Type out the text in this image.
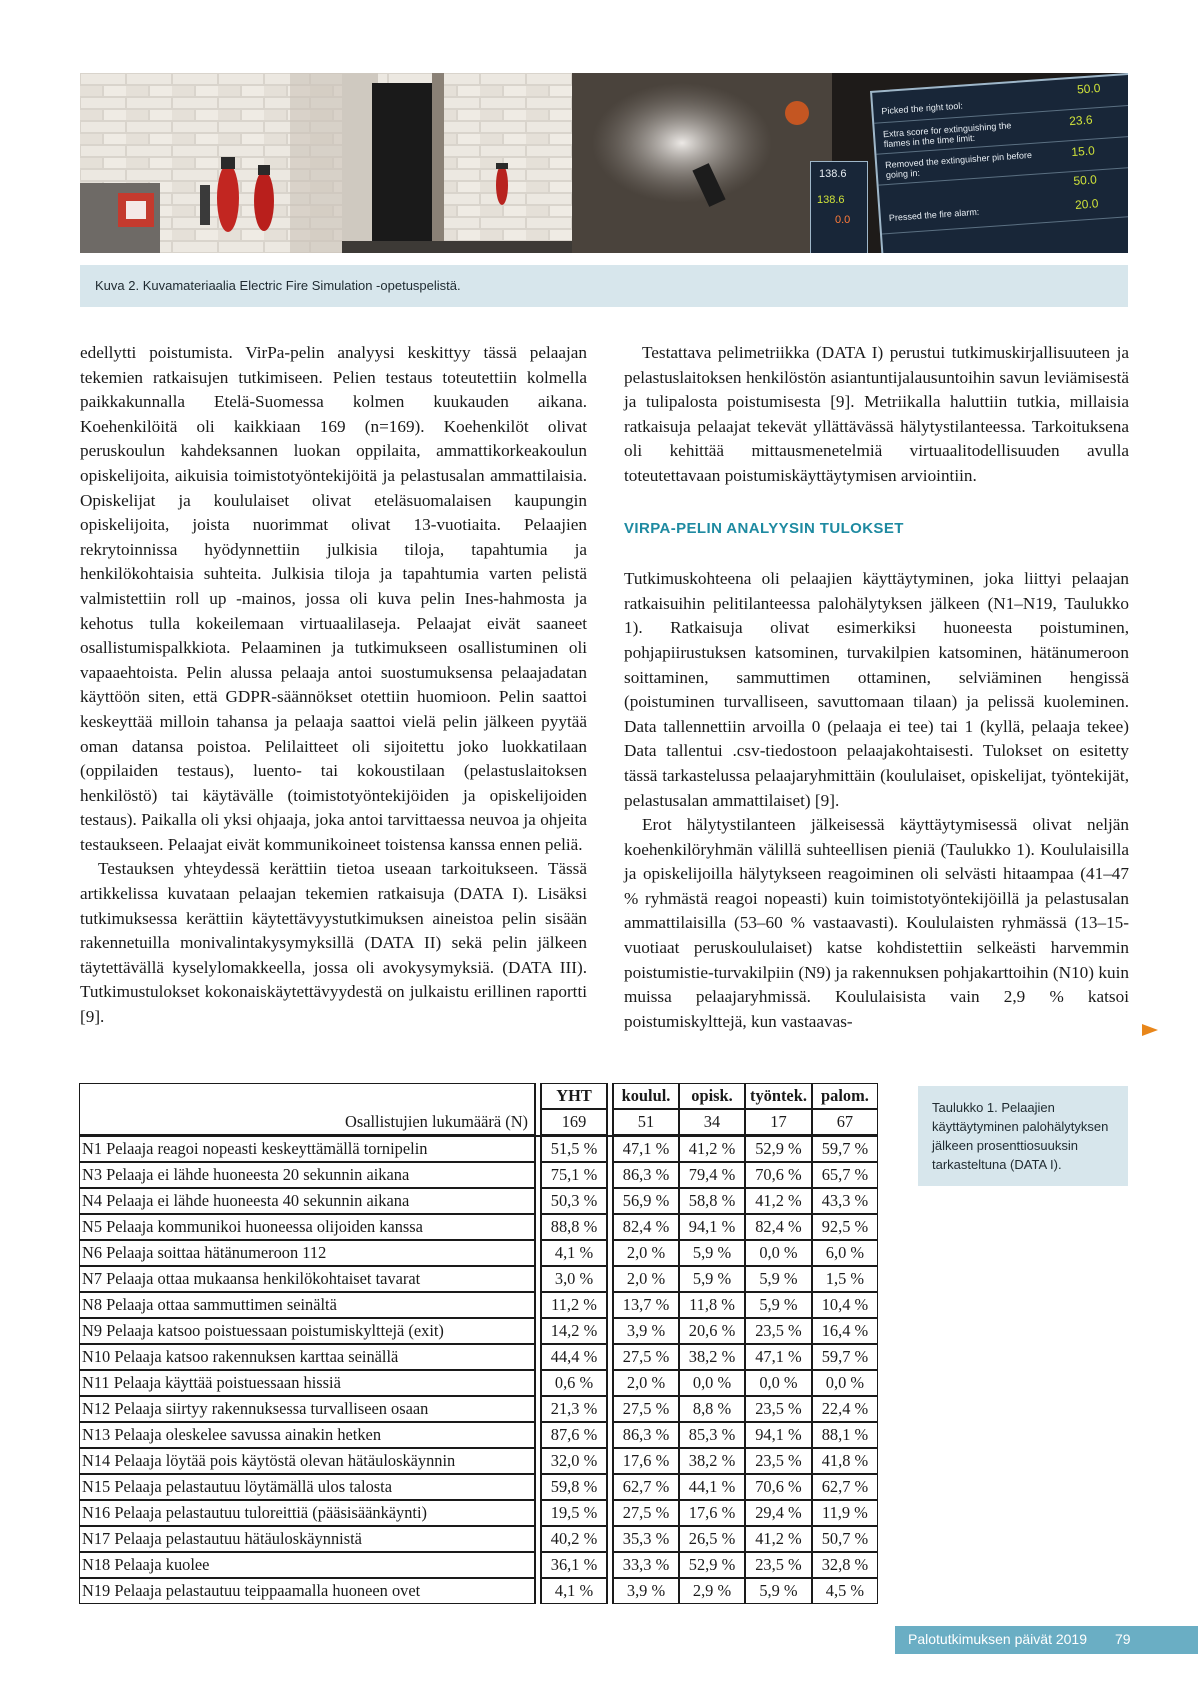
Picked the right tool:
50.0
Extra score for extinguishing the flames in the time limit:
23.6
Removed the extinguisher pin before going in:
15.0
50.0
Pressed the fire alarm:
20.0
138.6
138.6
0.0
Kuva 2. Kuvamateriaalia Electric Fire Simulation -opetuspelistä.

edellytti poistumista. VirPa-pelin analyysi keskittyy tässä pelaajan tekemien ratkaisujen tutkimiseen. Pelien testaus toteutettiin kolmella paikkakunnalla Etelä-Suomessa kolmen kuukauden aikana. Koehenkilöitä oli kaikkiaan 169 (n=169). Koehenkilöt olivat peruskoulun kahdeksannen luokan oppilaita, ammattikorkeakoulun opiskelijoita, aikuisia toimistotyöntekijöitä ja pelastusalan ammattilaisia. Opiskelijat ja koululaiset olivat eteläsuomalaisen kaupungin opiskelijoita, joista nuorimmat olivat 13-vuotiaita. Pelaajien rekrytoinnissa hyödynnettiin julkisia tiloja, tapahtumia ja henkilökohtaisia suhteita. Julkisia tiloja ja tapahtumia varten pelistä valmistettiin roll up -mainos, jossa oli kuva pelin Ines-hahmosta ja kehotus tulla kokeilemaan virtuaalilaseja. Pelaajat eivät saaneet osallistumispalkkiota. Pelaaminen ja tutkimukseen osallistuminen oli vapaaehtoista. Pelin alussa pelaaja antoi suostumuksensa pelaajadatan käyttöön siten, että GDPR-säännökset otettiin huomioon. Pelin saattoi keskeyttää milloin tahansa ja pelaaja saattoi vielä pelin jälkeen pyytää oman datansa poistoa. Pelilaitteet oli sijoitettu joko luokkatilaan (oppilaiden testaus), luento- tai kokoustilaan (pelastuslaitoksen henkilöstö) tai käytävälle (toimistotyöntekijöiden ja opiskelijoiden testaus). Paikalla oli yksi ohjaaja, joka antoi tarvittaessa neuvoa ja ohjeita testaukseen. Pelaajat eivät kommunikoineet toistensa kanssa ennen peliä.

Testauksen yhteydessä kerättiin tietoa useaan tarkoitukseen. Tässä artikkelissa kuvataan pelaajan tekemien ratkaisuja (DATA I). Lisäksi tutkimuksessa kerättiin käytettävyystutkimuksen aineistoa pelin sisään rakennetuilla monivalintakysymyksillä (DATA II) sekä pelin jälkeen täytettävällä kyselylomakkeella, jossa oli avokysymyksiä. (DATA III). Tutkimustulokset kokonaiskäytettävyydestä on julkaistu erillinen raportti [9].

Testattava pelimetriikka (DATA I) perustui tutkimuskirjallisuuteen ja pelastuslaitoksen henkilöstön asiantuntijalausuntoihin savun leviämisestä ja tulipalosta poistumisesta [9]. Metriikalla haluttiin tutkia, millaisia ratkaisuja pelaajat tekevät yllättävässä hälytystilanteessa. Tarkoituksena oli kehittää mittausmenetelmiä virtuaalitodellisuuden avulla toteutettavaan poistumiskäyttäytymisen arviointiin.

VIRPA-PELIN ANALYYSIN TULOKSET

Tutkimuskohteena oli pelaajien käyttäytyminen, joka liittyi pelaajan ratkaisuihin pelitilanteessa palohälytyksen jälkeen (N1–N19, Taulukko 1). Ratkaisuja olivat esimerkiksi huoneesta poistuminen, pohjapiirustuksen katsominen, turvakilpien katsominen, hätänumeroon soittaminen, sammuttimen ottaminen, selviäminen hengissä (poistuminen turvalliseen, savuttomaan tilaan) ja pelissä kuoleminen. Data tallennettiin arvoilla 0 (pelaaja ei tee) tai 1 (kyllä, pelaaja tekee) Data tallentui .csv-tiedostoon pelaajakohtaisesti. Tulokset on esitetty tässä tarkastelussa pelaajaryhmittäin (koululaiset, opiskelijat, työntekijät, pelastusalan ammattilaiset) [9].

Erot hälytystilanteen jälkeisessä käyttäytymisessä olivat neljän koehenkilöryhmän välillä suhteellisen pieniä (Taulukko 1). Koululaisilla ja opiskelijoilla hälytykseen reagoiminen oli selvästi hitaampaa (41–47 % ryhmästä reagoi nopeasti) kuin toimistotyöntekijöillä ja pelastusalan ammattilaisilla (53–60 % vastaavasti). Koululaisten ryhmässä (13–15-vuotiaat peruskoululaiset) katse kohdistettiin selkeästi harvemmin poistumistie-turvakilpiin (N9) ja rakennuksen pohjakarttoihin (N10) kuin muissa pelaajaryhmissä. Koululaisista vain 2,9 % katsoi poistumiskylttejä, kun vastaavas-

		YHT		koulul.	opisk.	työntek.	palom.
Osallistujien lukumäärä (N)		169		51	34	17	67
N1 Pelaaja reagoi nopeasti keskeyttämällä tornipelin		51,5 %		47,1 %	41,2 %	52,9 %	59,7 %
N3 Pelaaja ei lähde huoneesta 20 sekunnin aikana		75,1 %		86,3 %	79,4 %	70,6 %	65,7 %
N4 Pelaaja ei lähde huoneesta 40 sekunnin aikana		50,3 %		56,9 %	58,8 %	41,2 %	43,3 %
N5 Pelaaja kommunikoi huoneessa olijoiden kanssa		88,8 %		82,4 %	94,1 %	82,4 %	92,5 %
N6 Pelaaja soittaa hätänumeroon 112		4,1 %		2,0 %	5,9 %	0,0 %	6,0 %
N7 Pelaaja ottaa mukaansa henkilökohtaiset tavarat		3,0 %		2,0 %	5,9 %	5,9 %	1,5 %
N8 Pelaaja ottaa sammuttimen seinältä		11,2 %		13,7 %	11,8 %	5,9 %	10,4 %
N9 Pelaaja katsoo poistuessaan poistumiskylttejä (exit)		14,2 %		3,9 %	20,6 %	23,5 %	16,4 %
N10 Pelaaja katsoo rakennuksen karttaa seinällä		44,4 %		27,5 %	38,2 %	47,1 %	59,7 %
N11 Pelaaja käyttää poistuessaan hissiä		0,6 %		2,0 %	0,0 %	0,0 %	0,0 %
N12 Pelaaja siirtyy rakennuksessa turvalliseen osaan		21,3 %		27,5 %	8,8 %	23,5 %	22,4 %
N13 Pelaaja oleskelee savussa ainakin hetken		87,6 %		86,3 %	85,3 %	94,1 %	88,1 %
N14 Pelaaja löytää pois käytöstä olevan hätäuloskäynnin		32,0 %		17,6 %	38,2 %	23,5 %	41,8 %
N15 Pelaaja pelastautuu löytämällä ulos talosta		59,8 %		62,7 %	44,1 %	70,6 %	62,7 %
N16 Pelaaja pelastautuu tuloreittiä (pääsisäänkäynti)		19,5 %		27,5 %	17,6 %	29,4 %	11,9 %
N17 Pelaaja pelastautuu hätäuloskäynnistä		40,2 %		35,3 %	26,5 %	41,2 %	50,7 %
N18 Pelaaja kuolee		36,1 %		33,3 %	52,9 %	23,5 %	32,8 %
N19 Pelaaja pelastautuu teippaamalla huoneen ovet		4,1 %		3,9 %	2,9 %	5,9 %	4,5 %
Taulukko 1. Pelaajien käyttäytyminen palohälytyksen jälkeen prosenttiosuuksin tarkasteltuna (DATA I).
Palotutkimuksen päivät 2019 79
